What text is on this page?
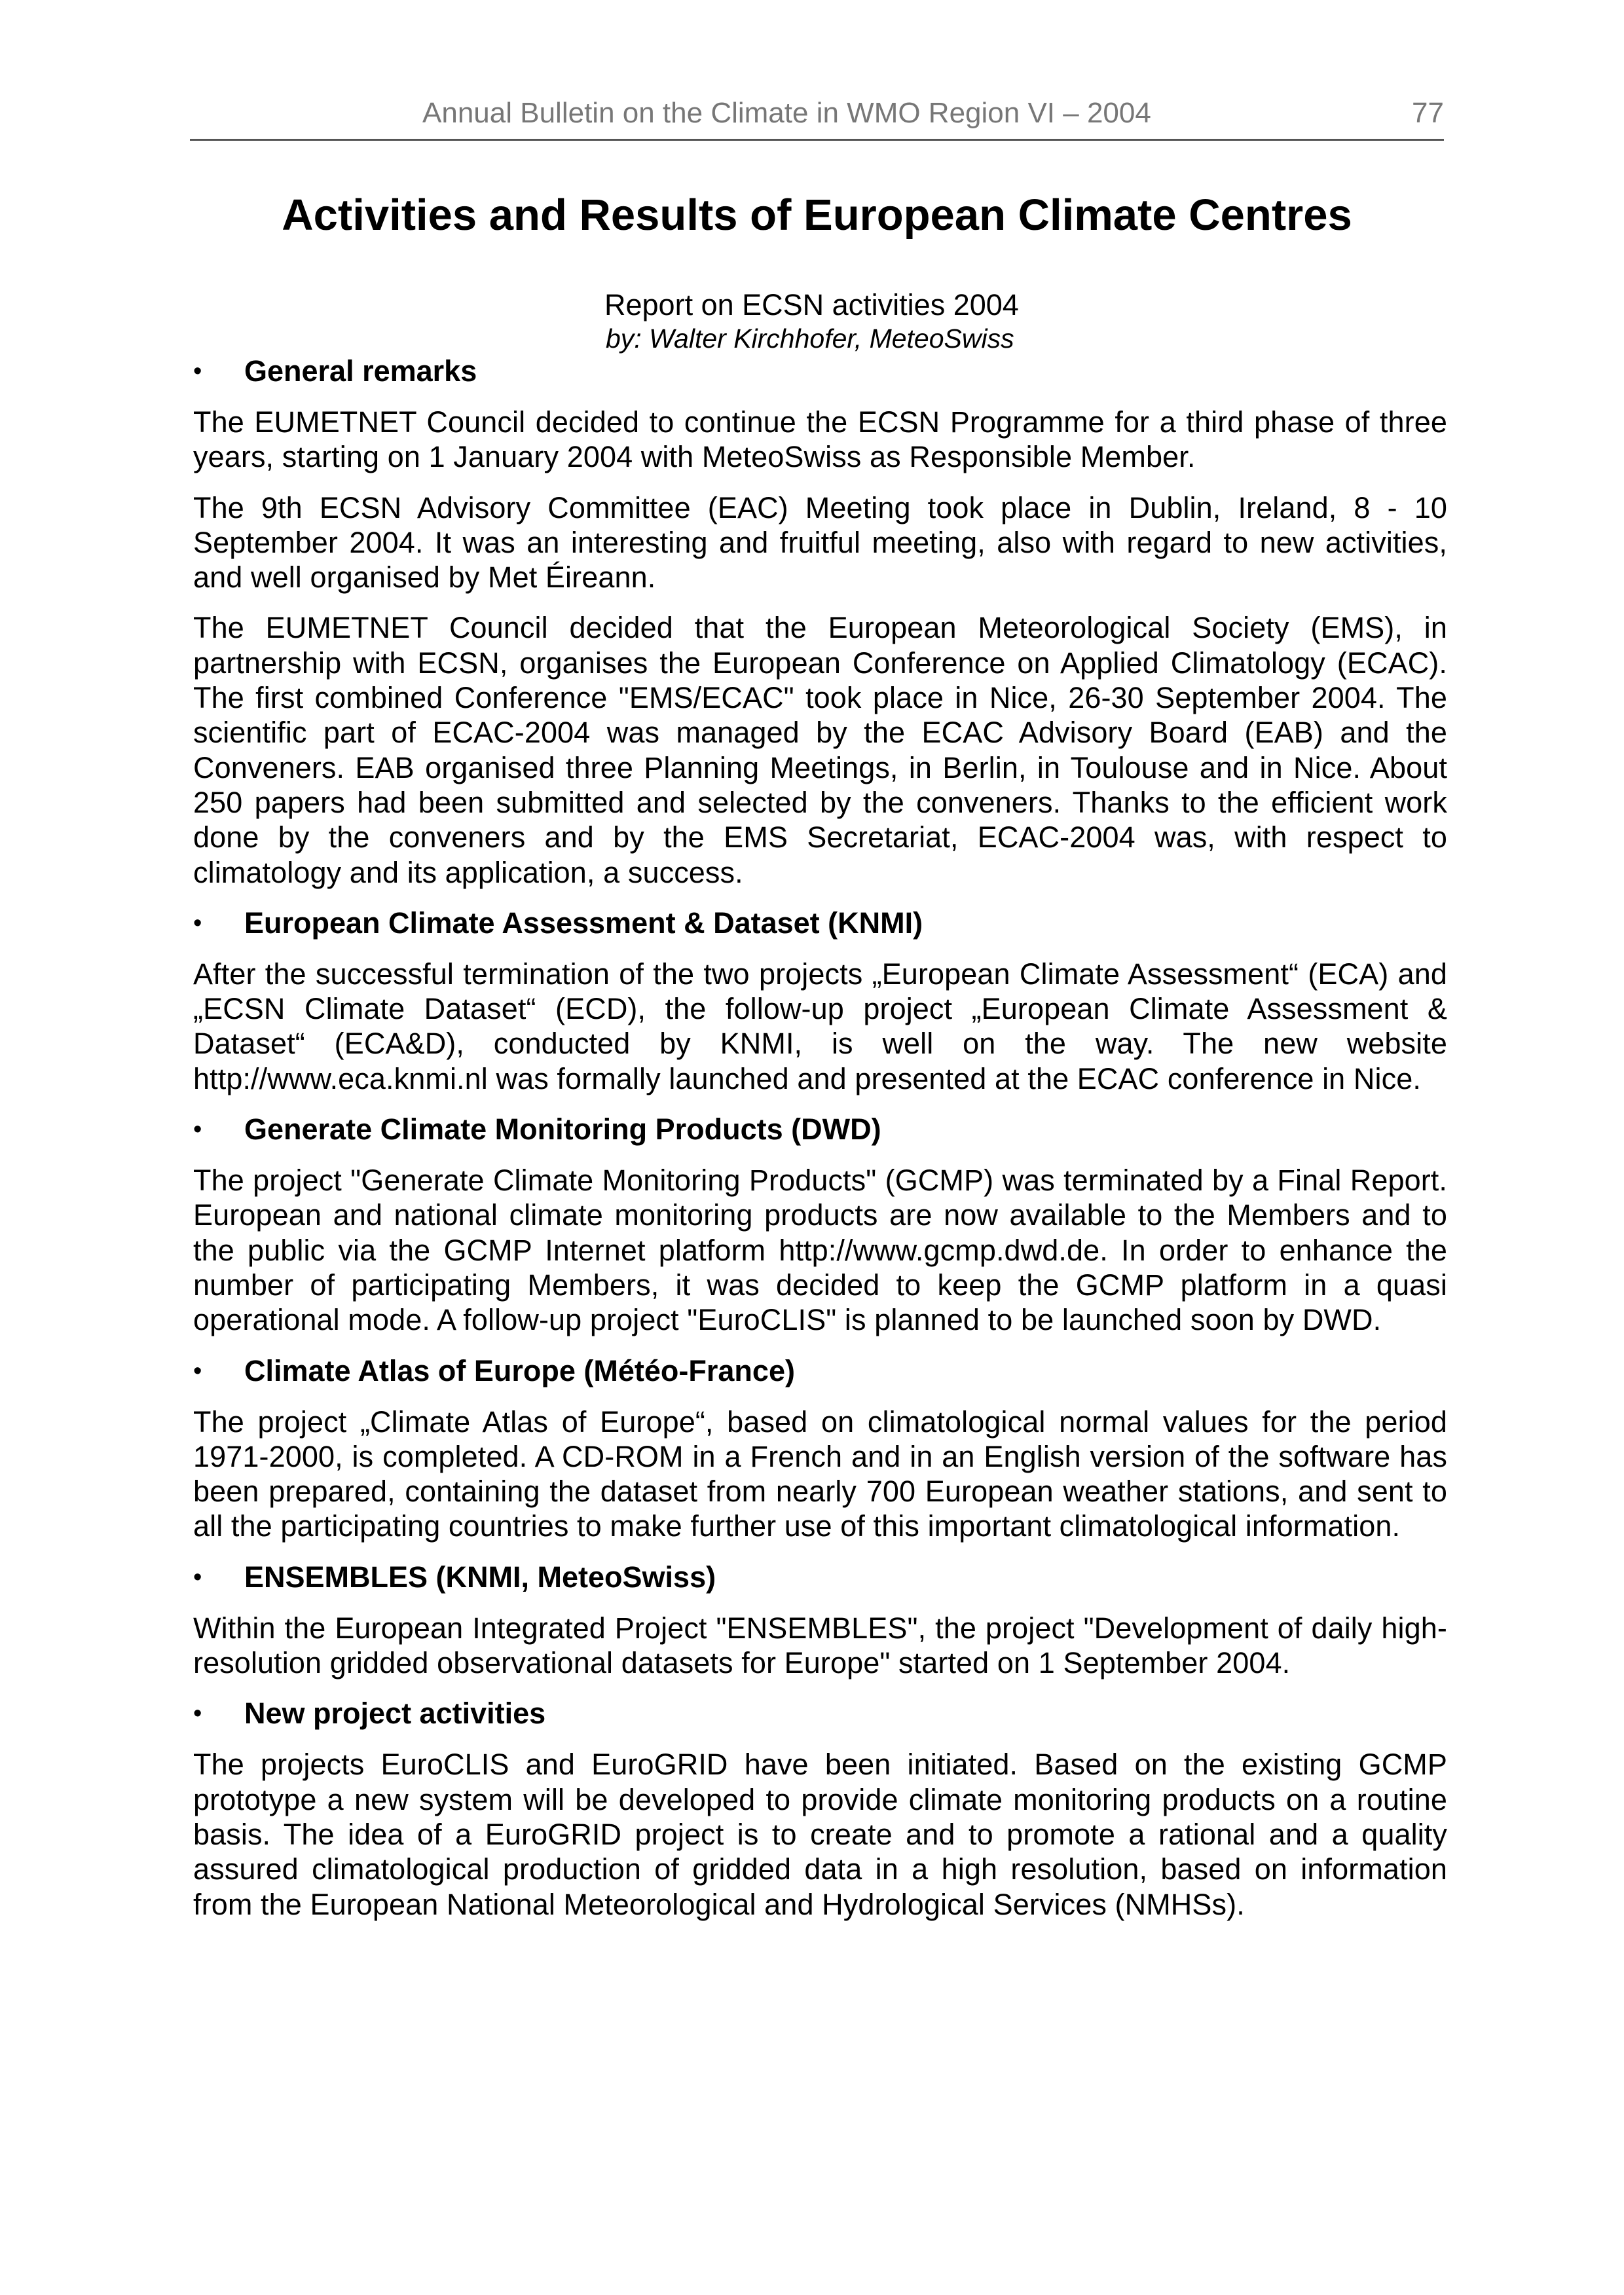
Annual Bulletin on the Climate in WMO Region VI – 2004	77
Activities and Results of European Climate Centres
Report on ECSN activities 2004
by: Walter Kirchhofer, MeteoSwiss
• General remarks

The EUMETNET Council decided to continue the ECSN Programme for a third phase of three years, starting on 1 January 2004 with MeteoSwiss as Responsible Member.

The 9th ECSN Advisory Committee (EAC) Meeting took place in Dublin, Ireland, 8 - 10 September 2004. It was an interesting and fruitful meeting, also with regard to new activities, and well organised by Met Éireann.

The EUMETNET Council decided that the European Meteorological Society (EMS), in partnership with ECSN, organises the European Conference on Applied Climatology (ECAC). The first combined Conference "EMS/ECAC" took place in Nice, 26-30 September 2004. The scientific part of ECAC-2004 was managed by the ECAC Advisory Board (EAB) and the Conveners. EAB organised three Planning Meetings, in Berlin, in Toulouse and in Nice. About 250 papers had been submitted and selected by the conveners. Thanks to the efficient work done by the conveners and by the EMS Secretariat, ECAC-2004 was, with respect to climatology and its application, a success.

• European Climate Assessment & Dataset (KNMI)

After the successful termination of the two projects „European Climate Assessment“ (ECA) and „ECSN Climate Dataset“ (ECD), the follow-up project „European Climate Assessment & Dataset“ (ECA&D), conducted by KNMI, is well on the way. The new website http://www.eca.knmi.nl was formally launched and presented at the ECAC conference in Nice.

• Generate Climate Monitoring Products (DWD)

The project "Generate Climate Monitoring Products" (GCMP) was terminated by a Final Report. European and national climate monitoring products are now available to the Members and to the public via the GCMP Internet platform http://www.gcmp.dwd.de. In order to enhance the number of participating Members, it was decided to keep the GCMP platform in a quasi operational mode. A follow-up project "EuroCLIS" is planned to be launched soon by DWD.

• Climate Atlas of Europe (Météo-France)

The project „Climate Atlas of Europe“, based on climatological normal values for the period 1971-2000, is completed. A CD-ROM in a French and in an English version of the software has been prepared, containing the dataset from nearly 700 European weather stations, and sent to all the participating countries to make further use of this important climatological information.

• ENSEMBLES (KNMI, MeteoSwiss)

Within the European Integrated Project "ENSEMBLES", the project "Development of daily high-resolution gridded observational datasets for Europe" started on 1 September 2004.

• New project activities

The projects EuroCLIS and EuroGRID have been initiated. Based on the existing GCMP prototype a new system will be developed to provide climate monitoring products on a routine basis. The idea of a EuroGRID project is to create and to promote a rational and a quality assured climatological production of gridded data in a high resolution, based on information from the European National Meteorological and Hydrological Services (NMHSs).
